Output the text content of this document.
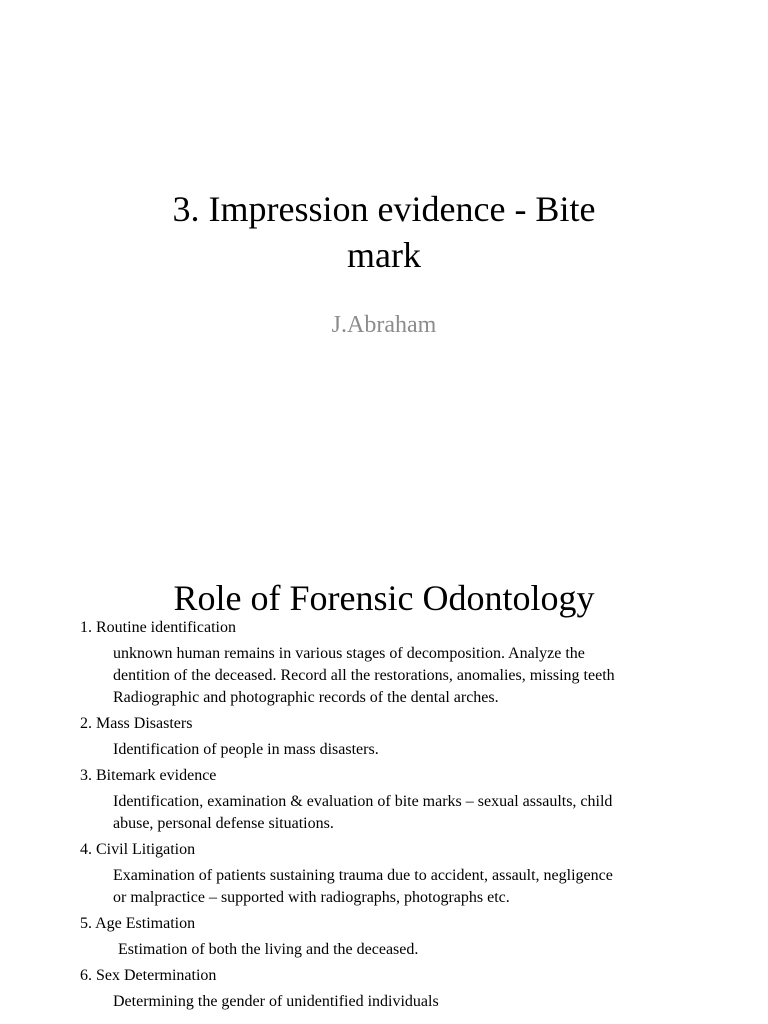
3. Impression evidence - Bite
mark

J.Abraham

Role of Forensic Odontology
1. Routine identification
unknown human remains in various stages of decomposition. Analyze the
dentition of the deceased. Record all the restorations, anomalies, missing teeth
Radiographic and photographic records of the dental arches.
2. Mass Disasters
Identification of people in mass disasters.
3. Bitemark evidence
Identification, examination & evaluation of bite marks – sexual assaults, child
abuse, personal defense situations.
4. Civil Litigation
Examination of patients sustaining trauma due to accident, assault, negligence
or malpractice – supported with radiographs, photographs etc.
5. Age Estimation
Estimation of both the living and the deceased.
6. Sex Determination
Determining the gender of unidentified individuals
